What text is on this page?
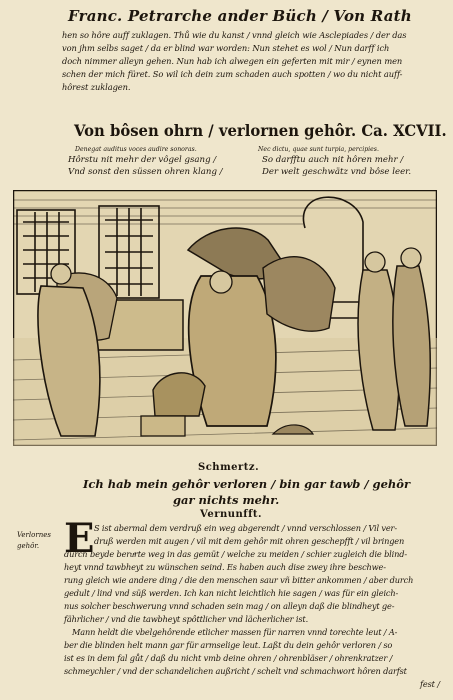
Franc. Petrarche ander Büch / Von Rath

hen so hôre auff zuklagen. Thů wie du kanst / vnnd gleich wie Asclepiades / der das

von jhm selbs saget / da er blind war worden: Nun stehet es wol / Nun darff ich

doch nimmer alleyn gehen. Nun hab ich alwegen ein geferten mit mir / eynen men

schen der mich füret. So wil ich dein zum schaden auch spotten / wo du nicht auff-

hôrest zuklagen.

Von bôsen ohrn / verlornen gehôr. Ca. XCVII.
Denegat auditus voces audire sonoras.	Nec dictu, quae sunt turpia, percipies.
Hôrstu nit mehr der vôgel gsang /
Vnd sonst den süssen ohren klang /
So darfftu auch nit hôren mehr /
Der welt geschwätz vnd bôse leer.
Schmertz.
Ich hab mein gehôr verloren / bin gar tawb / gehôr
gar nichts mehr.
Vernunfft.
Verlornes
gehôr. E S ist abermal dem verdruß ein weg abgerendt / vnnd verschlossen / Vil ver-

druß werden mit augen / vil mit dem gehôr mit ohren geschepfft / vil bringen

durch beyde beruͤrte weg in das gemüt / welche zu meiden / schier zugleich die blind-

heyt vnnd tawbheyt zu wünschen seind. Es haben auch dise zwey ihre beschwe-

rung gleich wie andere ding / die den menschen saur vñ bitter ankommen / aber durch

gedult / lind vnd süß werden. Ich kan nicht leichtlich hie sagen / was für ein gleich-

nus solcher beschwerung vnnd schaden sein mag / on alleyn daß die blindheyt ge-

fährlicher / vnd die tawbheyt spôttlicher vnd lächerlicher ist.

Mann heldt die vbelgehôrende etlicher massen für narren vnnd torechte leut / A-

ber die blinden helt mann gar für armselige leut. Laßt du dein gehôr verloren / so

ist es in dem fal gůt / daß du nicht vmb deine ohren / ohrenbläser / ohrenkratzer /

schmeychler / vnd der schandelichen außricht / schelt vnd schmachwort hôren darfst

fest /
